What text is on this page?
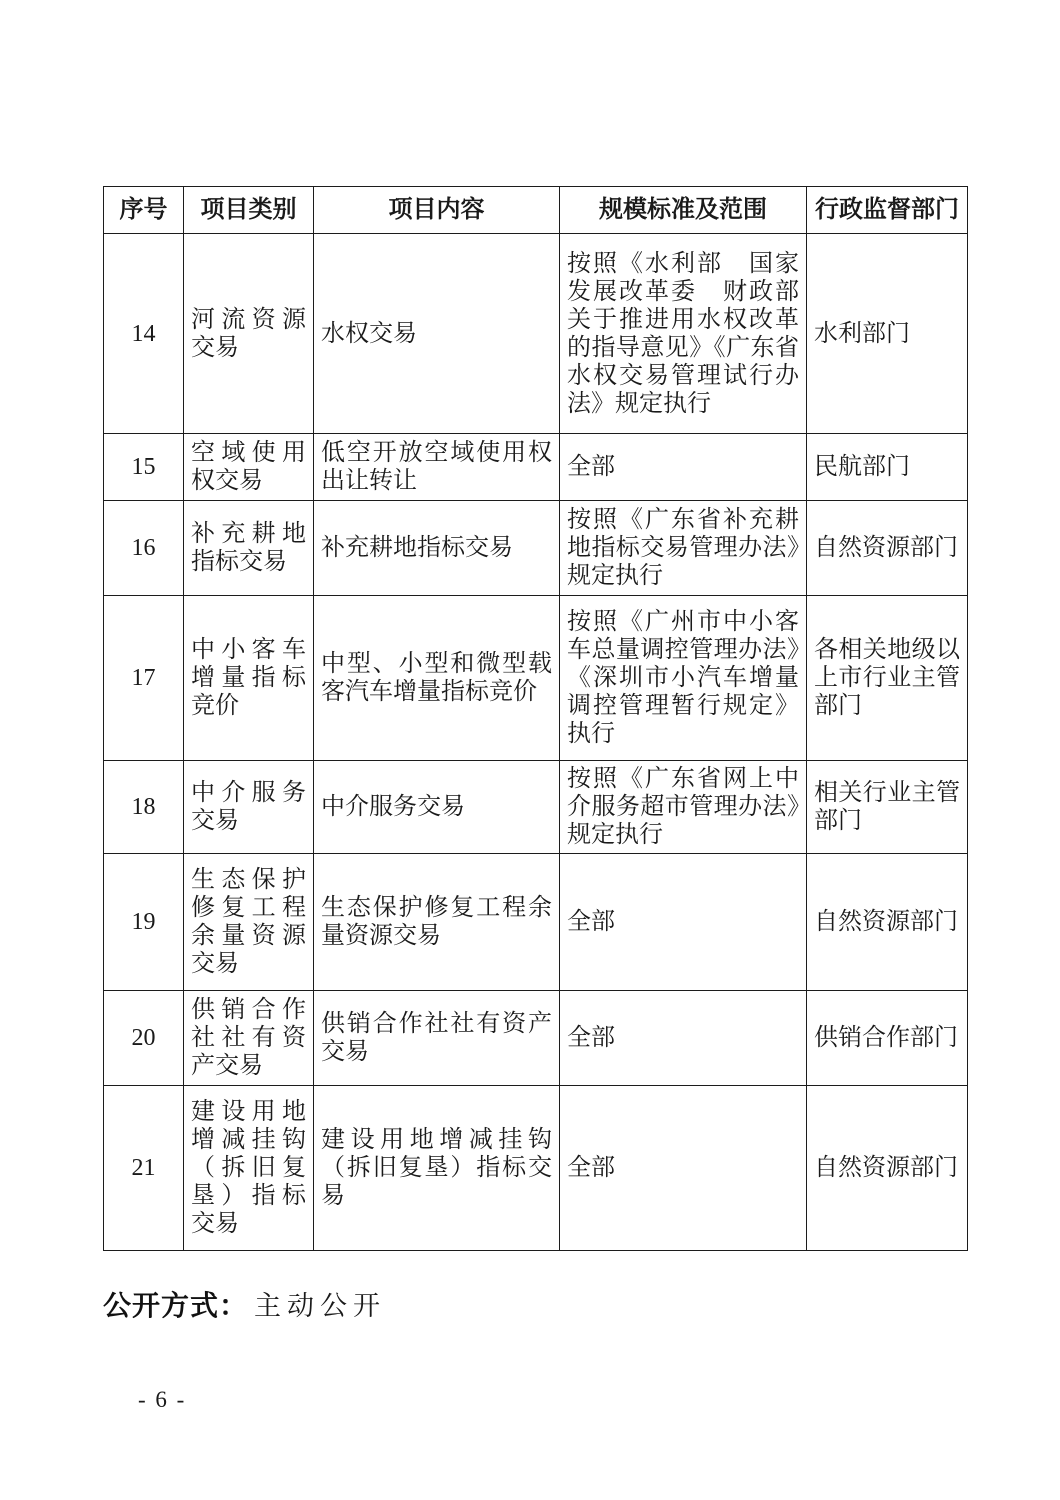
序号	项目类别	项目内容	规模标准及范围	行政监督部门
14	河流资源交易	水权交易	按照《水利部　国家发展改革委　财政部关于推进用水权改革的指导意见》《广东省水权交易管理试行办法》规定执行	水利部门
15	空域使用权交易	低空开放空域使用权出让转让	全部	民航部门
16	补充耕地指标交易	补充耕地指标交易	按照《广东省补充耕地指标交易管理办法》规定执行	自然资源部门
17	中小客车增量指标竞价	中型、小型和微型载客汽车增量指标竞价	按照《广州市中小客车总量调控管理办法》《深圳市小汽车增量调控管理暂行规定》执行	各相关地级以上市行业主管部门
18	中介服务交易	中介服务交易	按照《广东省网上中介服务超市管理办法》规定执行	相关行业主管部门
19	生态保护修复工程余量资源交易	生态保护修复工程余量资源交易	全部	自然资源部门
20	供销合作社社有资产交易	供销合作社社有资产交易	全部	供销合作部门
21	建设用地增减挂钩（拆旧复垦）指标交易	建设用地增减挂钩（拆旧复垦）指标交易	全部	自然资源部门
公开方式： 主动公开
- 6 -
